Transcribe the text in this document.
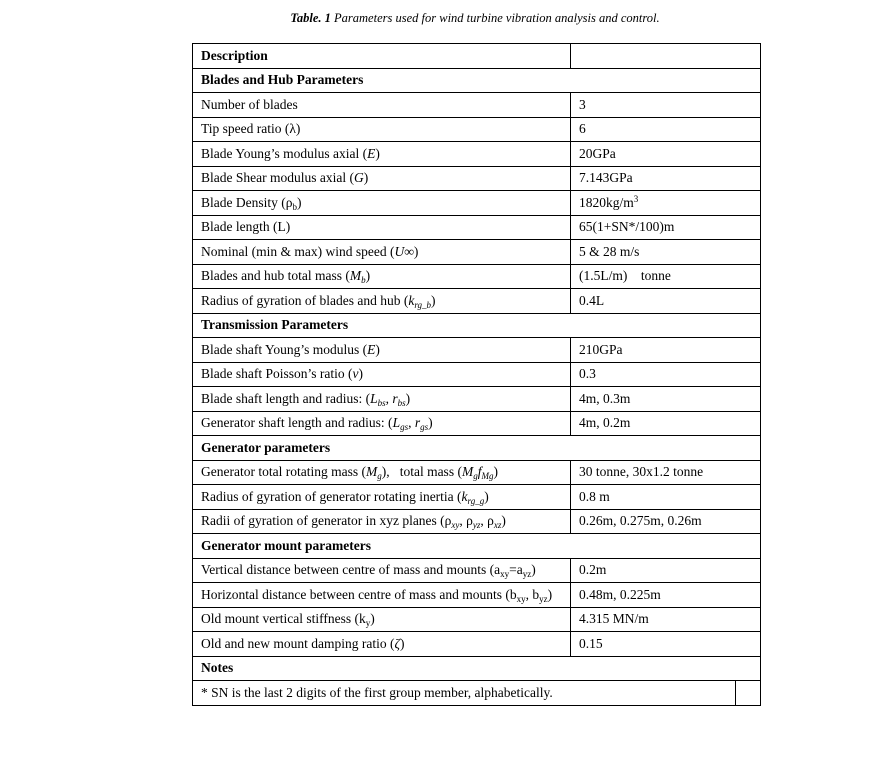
Table. 1 Parameters used for wind turbine vibration analysis and control.
Description	
Blades and Hub Parameters	
Number of blades	3
Tip speed ratio (λ)	6
Blade Young’s modulus axial (E)	20GPa
Blade Shear modulus axial (G)	7.143GPa
Blade Density $(\rho_b)$	$1820kg/m^3$
Blade length (L)	65(1+SN*/100)m
Nominal (min & max) wind speed (U∞)	5 & 28 m/s
Blades and hub total mass $(M_b)$	(1.5L/m)    tonne
Radius of gyration of blades and hub $(k_{rg\_b})$	0.4L
Transmission Parameters	
Blade shaft Young’s modulus (E)	210GPa
Blade shaft Poisson’s ratio (ν)	0.3
Blade shaft length and radius: ($L_{bs}$, $r_{bs}$)	4m, 0.3m
Generator shaft length and radius: ($L_{gs}$, $r_{gs}$)	4m, 0.2m
Generator parameters	
Generator total rotating mass $(M_g)$,   total mass $(M_gf_{Mg})$	30 tonne, 30x1.2 tonne
Radius of gyration of generator rotating inertia $(k_{rg\_g})$	0.8 m
Radii of gyration of generator in xyz planes ($\rho_{xy}$, $\rho_{yz}$, $\rho_{xz}$)	0.26m, 0.275m, 0.26m
Generator mount parameters	
Vertical distance between centre of mass and mounts $(a_{xy}=a_{yz})$	0.2m
Horizontal distance between centre of mass and mounts ($b_{xy}$, $b_{yz}$)	0.48m, 0.225m
Old mount vertical stiffness $(k_y)$	4.315 MN/m
Old and new mount damping ratio (ζ)	0.15
Notes	

* SN is the last 2 digits of the first group member, alphabetically.	
